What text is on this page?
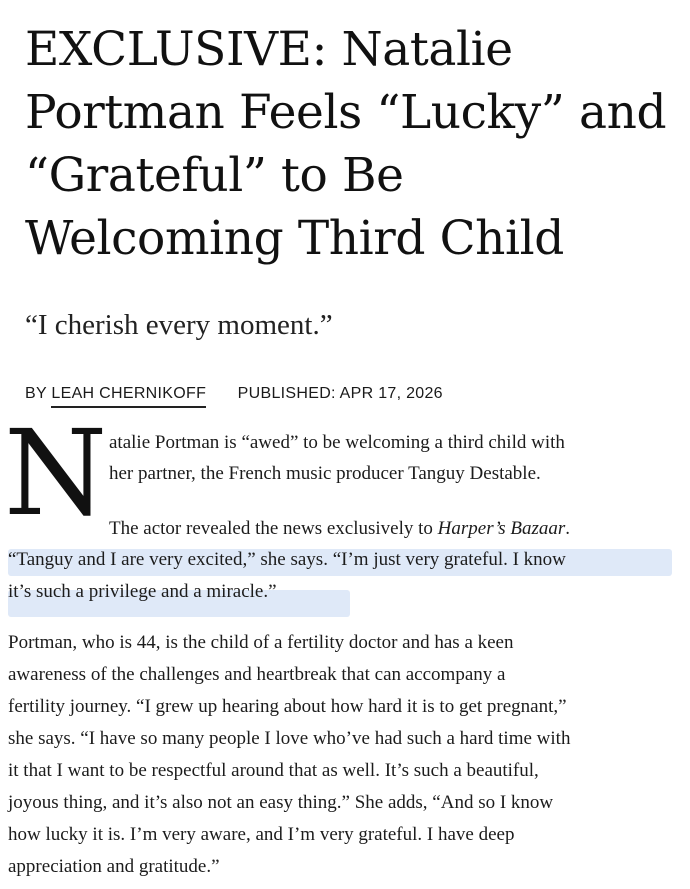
EXCLUSIVE: Natalie Portman Feels “Lucky” and “Grateful” to Be Welcoming Third Child

“I cherish every moment.”

BY LEAH CHERNIKOFF PUBLISHED: APR 17, 2026
N atalie Portman is “awed” to be welcoming a third child with

her partner, the French music producer Tanguy Destable.

The actor revealed the news exclusively to Harper’s Bazaar.

“Tanguy and I are very excited,” she says. “I’m just very grateful. I know

it’s such a privilege and a miracle.”

Portman, who is 44, is the child of a fertility doctor and has a keen

awareness of the challenges and heartbreak that can accompany a

fertility journey. “I grew up hearing about how hard it is to get pregnant,”

she says. “I have so many people I love who’ve had such a hard time with

it that I want to be respectful around that as well. It’s such a beautiful,

joyous thing, and it’s also not an easy thing.” She adds, “And so I know

how lucky it is. I’m very aware, and I’m very grateful. I have deep

appreciation and gratitude.”
